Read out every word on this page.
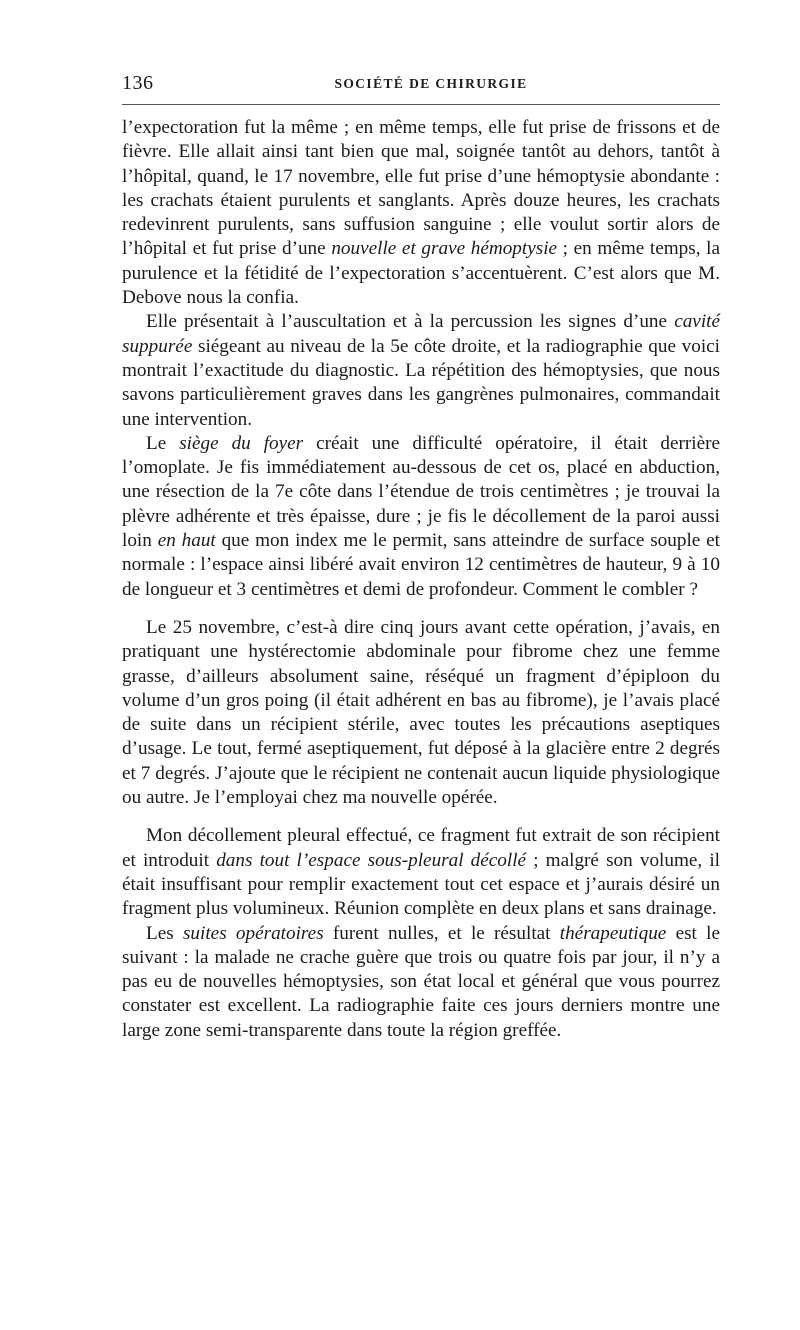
136	SOCIÉTÉ DE CHIRURGIE

l’expectoration fut la même ; en même temps, elle fut prise de frissons et de fièvre. Elle allait ainsi tant bien que mal, soignée tantôt au dehors, tantôt à l’hôpital, quand, le 17 novembre, elle fut prise d’une hémoptysie abondante : les crachats étaient purulents et sanglants. Après douze heures, les crachats redevinrent purulents, sans suffusion sanguine ; elle voulut sortir alors de l’hôpital et fut prise d’une nouvelle et grave hémoptysie ; en même temps, la purulence et la fétidité de l’expectoration s’accentuèrent. C’est alors que M. Debove nous la confia.

Elle présentait à l’auscultation et à la percussion les signes d’une cavité suppurée siégeant au niveau de la 5e côte droite, et la radiographie que voici montrait l’exactitude du diagnostic. La répétition des hémoptysies, que nous savons particulièrement graves dans les gangrènes pulmonaires, commandait une intervention.

Le siège du foyer créait une difficulté opératoire, il était derrière l’omoplate. Je fis immédiatement au-dessous de cet os, placé en abduction, une résection de la 7e côte dans l’étendue de trois centimètres ; je trouvai la plèvre adhérente et très épaisse, dure ; je fis le décollement de la paroi aussi loin en haut que mon index me le permit, sans atteindre de surface souple et normale : l’espace ainsi libéré avait environ 12 centimètres de hauteur, 9 à 10 de longueur et 3 centimètres et demi de profondeur. Comment le combler ?

Le 25 novembre, c’est-à dire cinq jours avant cette opération, j’avais, en pratiquant une hystérectomie abdominale pour fibrome chez une femme grasse, d’ailleurs absolument saine, réséqué un fragment d’épiploon du volume d’un gros poing (il était adhérent en bas au fibrome), je l’avais placé de suite dans un récipient stérile, avec toutes les précautions aseptiques d’usage. Le tout, fermé aseptiquement, fut déposé à la glacière entre 2 degrés et 7 degrés. J’ajoute que le récipient ne contenait aucun liquide physiologique ou autre. Je l’employai chez ma nouvelle opérée.

Mon décollement pleural effectué, ce fragment fut extrait de son récipient et introduit dans tout l’espace sous-pleural décollé ; malgré son volume, il était insuffisant pour remplir exactement tout cet espace et j’aurais désiré un fragment plus volumineux. Réunion complète en deux plans et sans drainage.

Les suites opératoires furent nulles, et le résultat thérapeutique est le suivant : la malade ne crache guère que trois ou quatre fois par jour, il n’y a pas eu de nouvelles hémoptysies, son état local et général que vous pourrez constater est excellent. La radiographie faite ces jours derniers montre une large zone semi-transparente dans toute la région greffée.
